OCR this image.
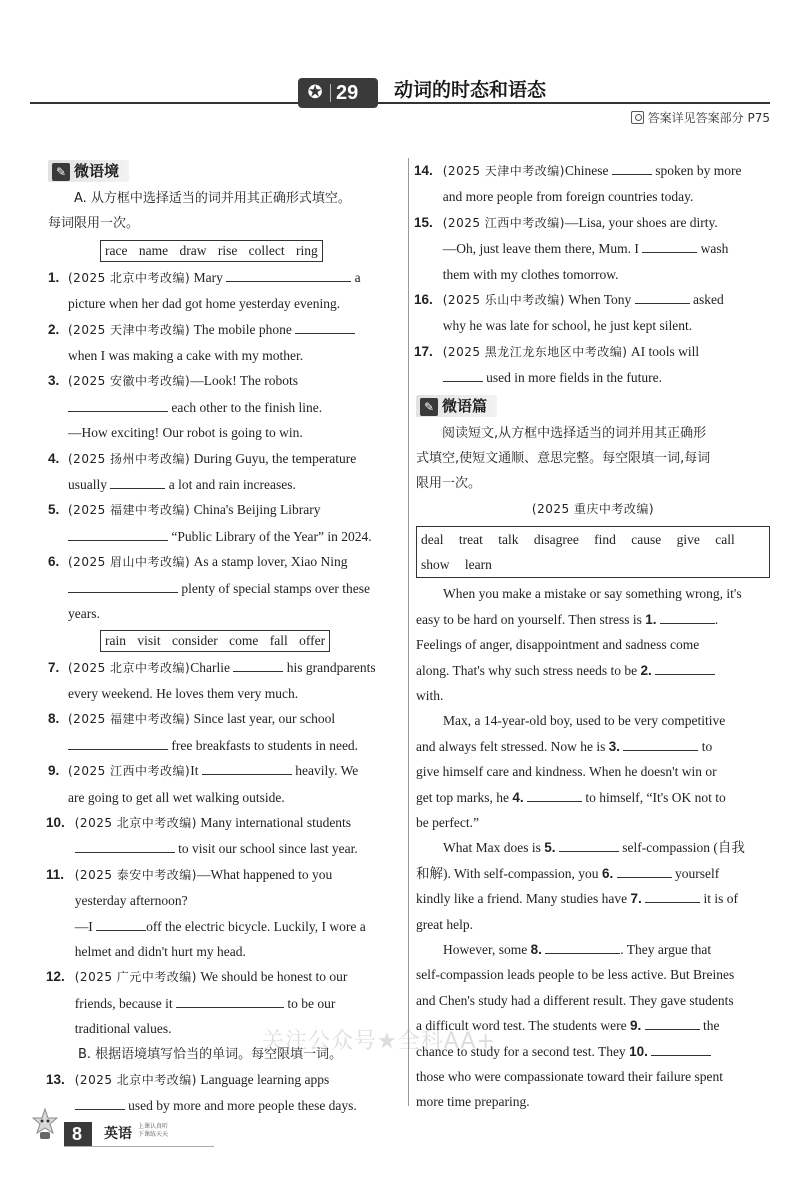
✪ 29 动词的时态和语态
答案详见答案部分 P75
✎ 微语境
A. 从方框中选择适当的词并用其正确形式填空。
每词限用一次。
race name draw rise collect ring
1. (2025 北京中考改编) Mary	a
picture when her dad got home yesterday evening.
2. (2025 天津中考改编) The mobile phone
when I was making a cake with my mother.
3. (2025 安徽中考改编)—Look! The robots
each other to the finish line.
—How exciting! Our robot is going to win.
4. (2025 扬州中考改编) During Guyu, the temperature
usually	a lot and rain increases.
5. (2025 福建中考改编) China's Beijing Library
“Public Library of the Year” in 2024.
6. (2025 眉山中考改编) As a stamp lover, Xiao Ning
plenty of special stamps over these
years.
rain visit consider come fall offer
7. (2025 北京中考改编)Charlie	his grandparents
every weekend. He loves them very much.
8. (2025 福建中考改编) Since last year, our school
free breakfasts to students in need.
9. (2025 江西中考改编)It	heavily. We
are going to get all wet walking outside.
10. (2025 北京中考改编) Many international students
to visit our school since last year.
11. (2025 泰安中考改编)—What happened to you
yesterday afternoon?
—I	off the electric bicycle. Luckily, I wore a
helmet and didn't hurt my head.
12. (2025 广元中考改编) We should be honest to our
friends, because it	to be our
traditional values.
B. 根据语境填写恰当的单词。每空限填一词。
13. (2025 北京中考改编) Language learning apps
used by more and more people these days.
14. (2025 天津中考改编)Chinese	spoken by more
and more people from foreign countries today.
15. (2025 江西中考改编)—Lisa, your shoes are dirty.
—Oh, just leave them there, Mum. I	wash
them with my clothes tomorrow.
16. (2025 乐山中考改编) When Tony	asked
why he was late for school, he just kept silent.
17. (2025 黑龙江龙东地区中考改编) AI tools will
used in more fields in the future.
✎ 微语篇
阅读短文,从方框中选择适当的词并用其正确形
式填空,使短文通顺、意思完整。每空限填一词,每词
限用一次。
(2025 重庆中考改编)
deal treat talk disagree find cause give call
show learn
When you make a mistake or say something wrong, it's
easy to be hard on yourself. Then stress is 1.	.
Feelings of anger, disappointment and sadness come
along. That's why such stress needs to be 2.
with.
Max, a 14-year-old boy, used to be very competitive
and always felt stressed. Now he is 3.	to
give himself care and kindness. When he doesn't win or
get top marks, he 4.	to himself, “It's OK not to
be perfect.”
What Max does is 5.	self-compassion (自我
和解). With self-compassion, you 6.	yourself
kindly like a friend. Many studies have 7.	it is of
great help.
However, some 8.	. They argue that
self-compassion leads people to be less active. But Breines
and Chen's study had a different result. They gave students
a difficult word test. The students were 9.	the
chance to study for a second test. They 10.
those who were compassionate toward their failure spent
more time preparing.
8	英语 上课认真听
下课练天天
关注公众号★全科AA+
